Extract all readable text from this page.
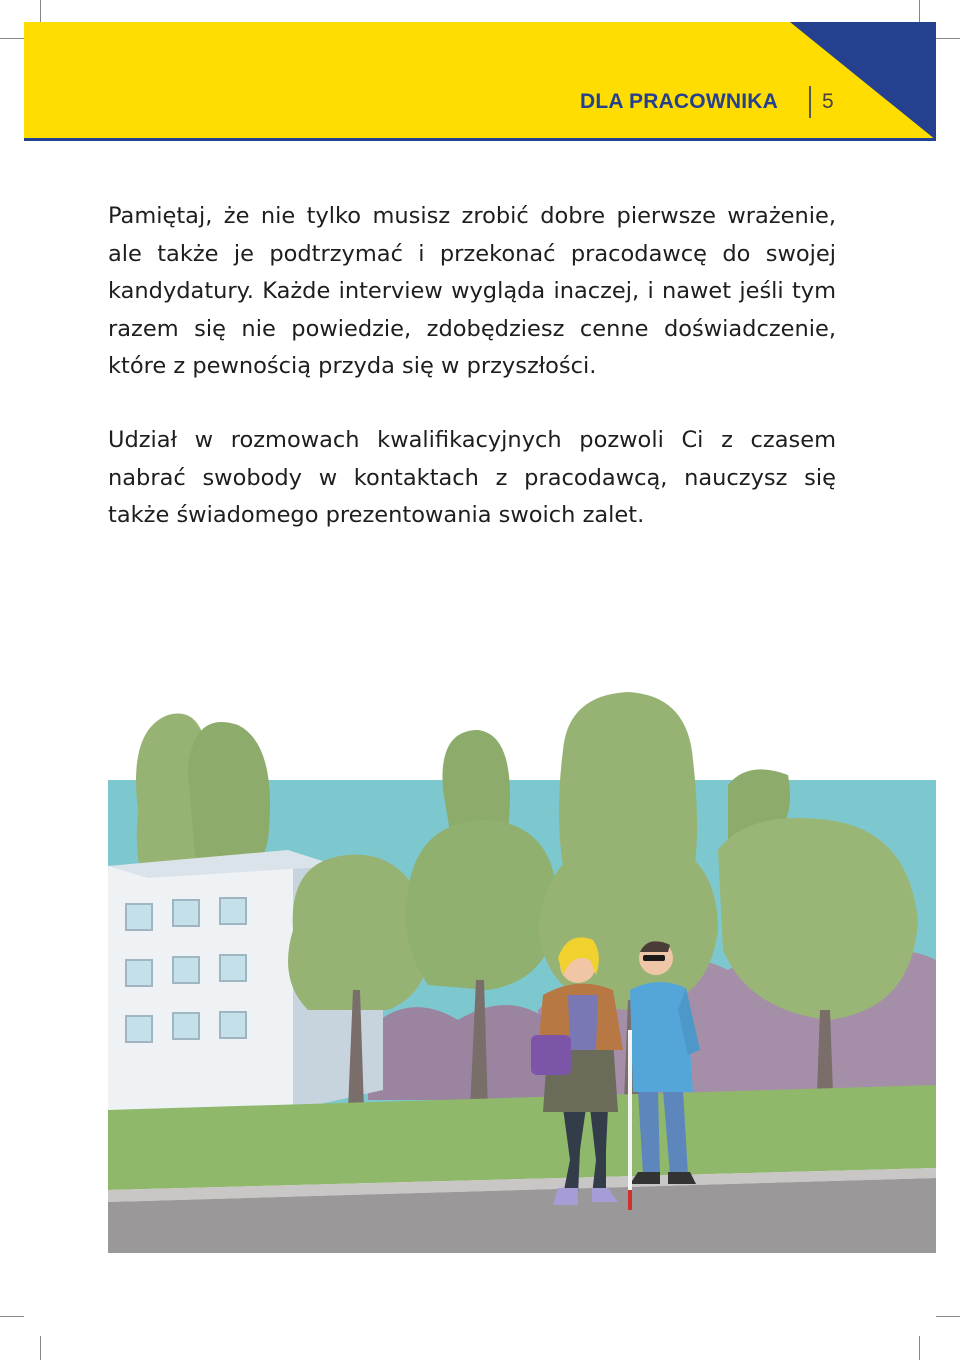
DLA PRACOWNIKA 5

Pamiętaj, że nie tylko musisz zrobić dobre pierwsze wrażenie, ale także je podtrzymać i przekonać pracodawcę do swojej kandydatury. Każde interview wygląda inaczej, i nawet jeśli tym razem się nie powiedzie, zdobędziesz cenne doświadczenie, które z pewnością przyda się w przyszłości.

Udział w rozmowach kwalifikacyjnych pozwoli Ci z czasem nabrać swobody w kontaktach z pracodawcą, nauczysz się także świadomego prezentowania swoich zalet.
